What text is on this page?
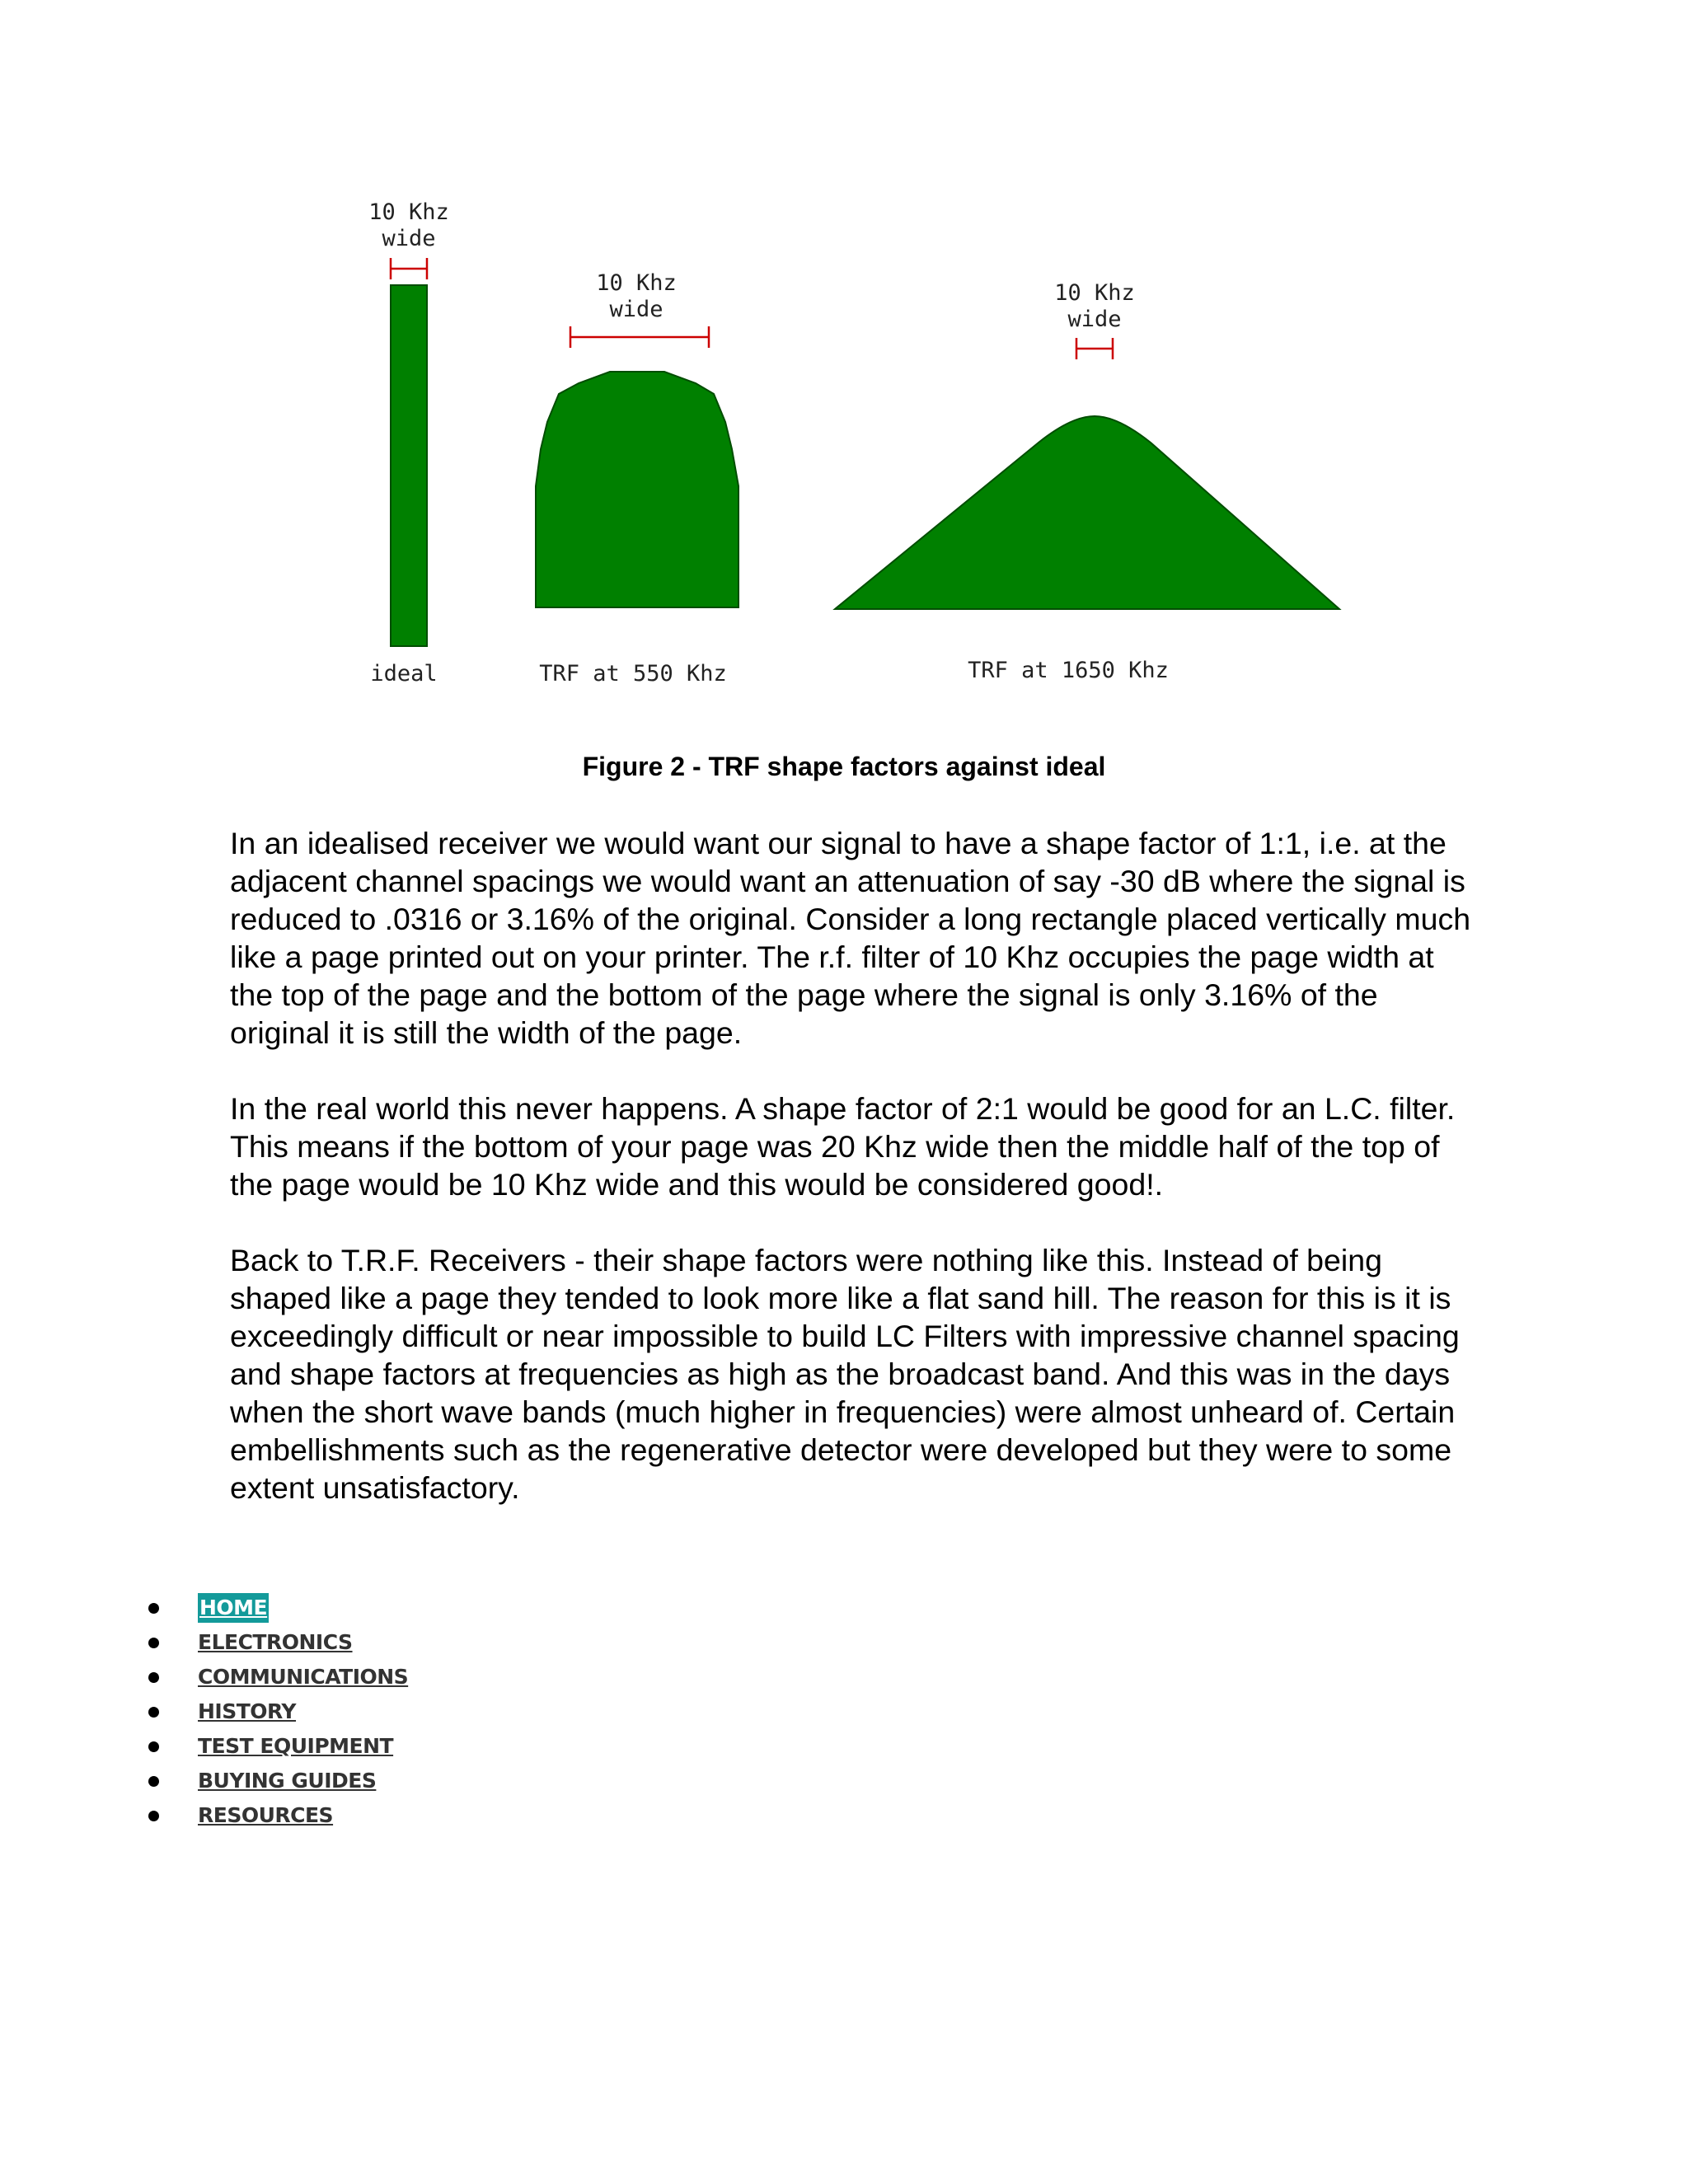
10 Khz
wide
ideal
10 Khz
wide
TRF at 550 Khz
10 Khz
wide
TRF at 1650 Khz

Figure 2 - TRF shape factors against ideal

In an idealised receiver we would want our signal to have a shape factor of 1:1, i.e. at the adjacent channel spacings we would want an attenuation of say -30 dB where the signal is reduced to .0316 or 3.16% of the original. Consider a long rectangle placed vertically much like a page printed out on your printer. The r.f. filter of 10 Khz occupies the page width at the top of the page and the bottom of the page where the signal is only 3.16% of the original it is still the width of the page.

In the real world this never happens. A shape factor of 2:1 would be good for an L.C. filter. This means if the bottom of your page was 20 Khz wide then the middle half of the top of the page would be 10 Khz wide and this would be considered good!.

Back to T.R.F. Receivers - their shape factors were nothing like this. Instead of being shaped like a page they tended to look more like a flat sand hill. The reason for this is it is exceedingly difficult or near impossible to build LC Filters with impressive channel spacing and shape factors at frequencies as high as the broadcast band. And this was in the days when the short wave bands (much higher in frequencies) were almost unheard of. Certain embellishments such as the regenerative detector were developed but they were to some extent unsatisfactory.

HOME
ELECTRONICS
COMMUNICATIONS
HISTORY
TEST EQUIPMENT
BUYING GUIDES
RESOURCES
